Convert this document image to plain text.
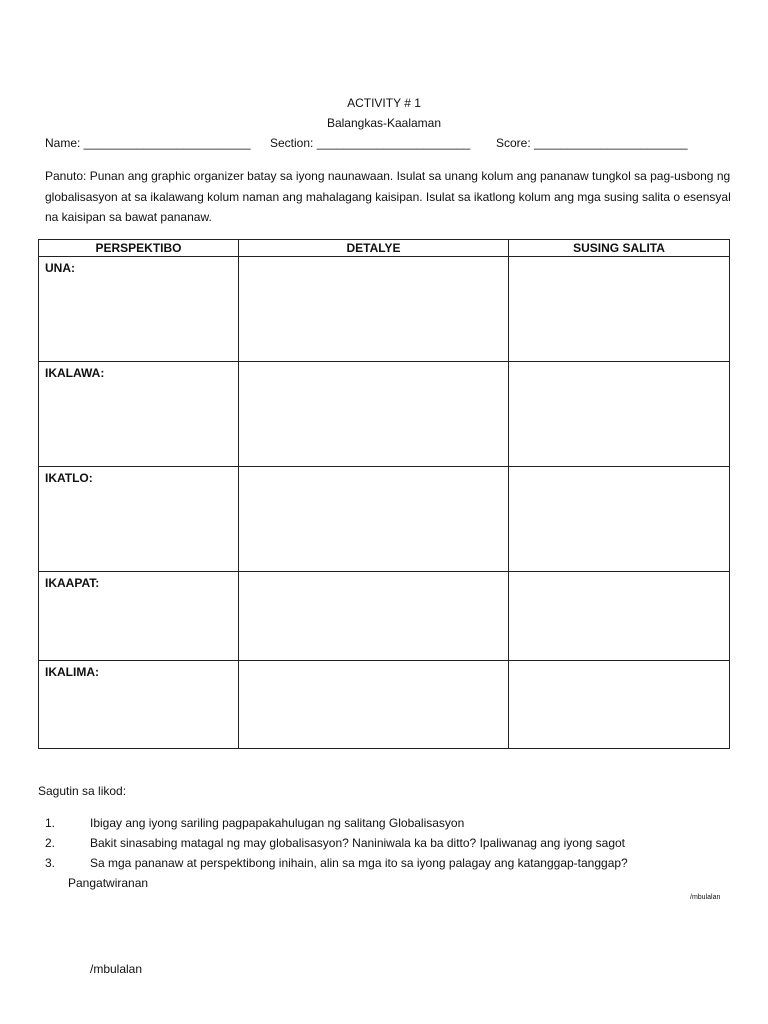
ACTIVITY # 1
Balangkas-Kaalaman
Name: _________________________ Section: _______________________ Score: _______________________
Panuto: Punan ang graphic organizer batay sa iyong naunawaan. Isulat sa unang kolum ang pananaw tungkol sa pag-usbong ng globalisasyon at sa ikalawang kolum naman ang mahalagang kaisipan. Isulat sa ikatlong kolum ang mga susing salita o esensyal na kaisipan sa bawat pananaw.
PERSPEKTIBO	DETALYE	SUSING SALITA
UNA:		
IKALAWA:		
IKATLO:		
IKAAPAT:		
IKALIMA:		
Sagutin sa likod:
1.	Ibigay ang iyong sariling pagpapakahulugan ng salitang Globalisasyon
2.	Bakit sinasabing matagal ng may globalisasyon? Naniniwala ka ba ditto? Ipaliwanag ang iyong sagot
3.	Sa mga pananaw at perspektibong inihain, alin sa mga ito sa iyong palagay ang katanggap-tanggap?
Pangatwiranan
/mbulalan
/mbulalan
